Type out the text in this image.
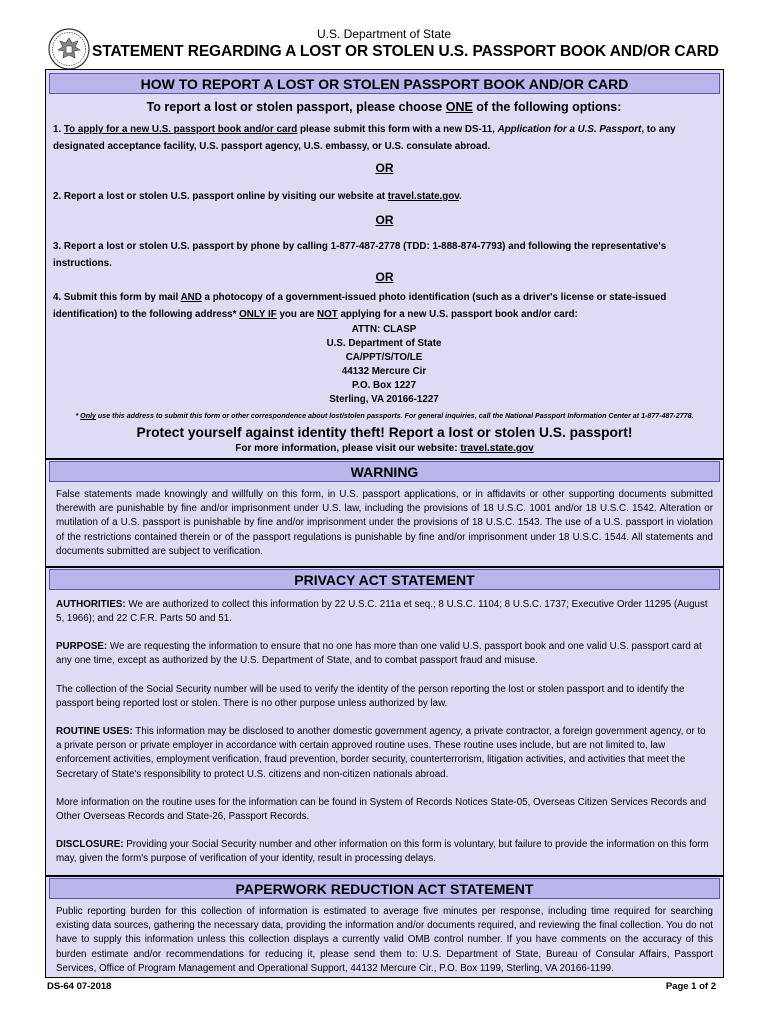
U.S. Department of State
STATEMENT REGARDING A LOST OR STOLEN U.S. PASSPORT BOOK AND/OR CARD
HOW TO REPORT A LOST OR STOLEN PASSPORT BOOK AND/OR CARD
To report a lost or stolen passport, please choose ONE of the following options:
1. To apply for a new U.S. passport book and/or card please submit this form with a new DS-11, Application for a U.S. Passport, to any designated acceptance facility, U.S. passport agency, U.S. embassy, or U.S. consulate abroad.
OR
2. Report a lost or stolen U.S. passport online by visiting our website at travel.state.gov.
OR
3. Report a lost or stolen U.S. passport by phone by calling 1-877-487-2778 (TDD: 1-888-874-7793) and following the representative's instructions.
OR
4. Submit this form by mail AND a photocopy of a government-issued photo identification (such as a driver's license or state-issued identification) to the following address* ONLY IF you are NOT applying for a new U.S. passport book and/or card:
ATTN: CLASP
U.S. Department of State
CA/PPT/S/TO/LE
44132 Mercure Cir
P.O. Box 1227
Sterling, VA 20166-1227
* Only use this address to submit this form or other correspondence about lost/stolen passports. For general inquiries, call the National Passport Information Center at 1-877-487-2778.
Protect yourself against identity theft! Report a lost or stolen U.S. passport!
For more information, please visit our website: travel.state.gov
WARNING
False statements made knowingly and willfully on this form, in U.S. passport applications, or in affidavits or other supporting documents submitted therewith are punishable by fine and/or imprisonment under U.S. law, including the provisions of 18 U.S.C. 1001 and/or 18 U.S.C. 1542. Alteration or mutilation of a U.S. passport is punishable by fine and/or imprisonment under the provisions of 18 U.S.C. 1543. The use of a U.S. passport in violation of the restrictions contained therein or of the passport regulations is punishable by fine and/or imprisonment under 18 U.S.C. 1544. All statements and documents submitted are subject to verification.
PRIVACY ACT STATEMENT
AUTHORITIES: We are authorized to collect this information by 22 U.S.C. 211a et seq.; 8 U.S.C. 1104; 8 U.S.C. 1737; Executive Order 11295 (August 5, 1966); and 22 C.F.R. Parts 50 and 51.
PURPOSE: We are requesting the information to ensure that no one has more than one valid U.S. passport book and one valid U.S. passport card at any one time, except as authorized by the U.S. Department of State, and to combat passport fraud and misuse.
The collection of the Social Security number will be used to verify the identity of the person reporting the lost or stolen passport and to identify the passport being reported lost or stolen. There is no other purpose unless authorized by law.
ROUTINE USES: This information may be disclosed to another domestic government agency, a private contractor, a foreign government agency, or to a private person or private employer in accordance with certain approved routine uses. These routine uses include, but are not limited to, law enforcement activities, employment verification, fraud prevention, border security, counterterrorism, litigation activities, and activities that meet the Secretary of State's responsibility to protect U.S. citizens and non-citizen nationals abroad.
More information on the routine uses for the information can be found in System of Records Notices State-05, Overseas Citizen Services Records and Other Overseas Records and State-26, Passport Records.
DISCLOSURE: Providing your Social Security number and other information on this form is voluntary, but failure to provide the information on this form may, given the form's purpose of verification of your identity, result in processing delays.
PAPERWORK REDUCTION ACT STATEMENT
Public reporting burden for this collection of information is estimated to average five minutes per response, including time required for searching existing data sources, gathering the necessary data, providing the information and/or documents required, and reviewing the final collection. You do not have to supply this information unless this collection displays a currently valid OMB control number. If you have comments on the accuracy of this burden estimate and/or recommendations for reducing it, please send them to: U.S. Department of State, Bureau of Consular Affairs, Passport Services, Office of Program Management and Operational Support, 44132 Mercure Cir., P.O. Box 1199, Sterling, VA 20166-1199.
DS-64 07-2018	Page 1 of 2
